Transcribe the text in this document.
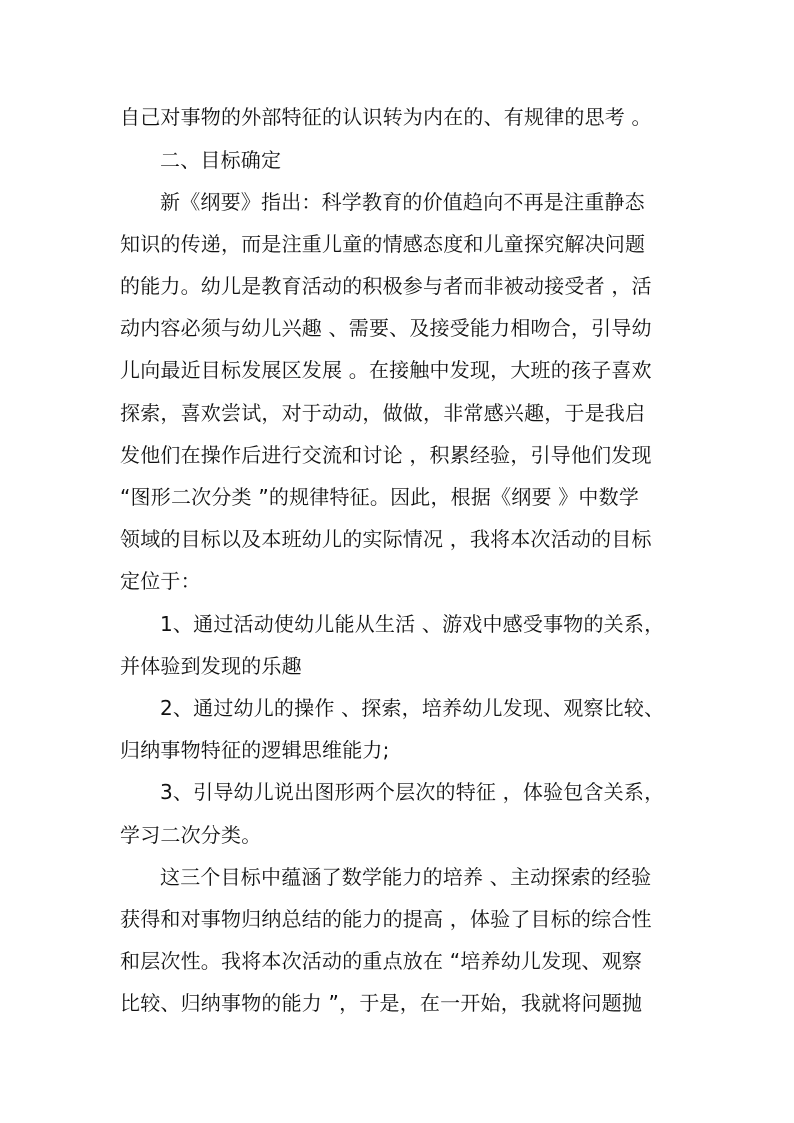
自己对事物的外部特征的认识转为内在的、有规律的思考 。

二、目标确定

新《纲要》指出：科学教育的价值趋向不再是注重静态

知识的传递，而是注重儿童的情感态度和儿童探究解决问题

的能力。幼儿是教育活动的积极参与者而非被动接受者 ，活

动内容必须与幼儿兴趣 、需要、及接受能力相吻合，引导幼

儿向最近目标发展区发展 。在接触中发现，大班的孩子喜欢

探索，喜欢尝试，对于动动，做做，非常感兴趣，于是我启

发他们在操作后进行交流和讨论 ，积累经验，引导他们发现

“图形二次分类 ”的规律特征。因此，根据《纲要 》中数学

领域的目标以及本班幼儿的实际情况 ，我将本次活动的目标

定位于：

1、通过活动使幼儿能从生活 、游戏中感受事物的关系，

并体验到发现的乐趣

2、通过幼儿的操作 、探索，培养幼儿发现、观察比较、

归纳事物特征的逻辑思维能力;

3、引导幼儿说出图形两个层次的特征 ，体验包含关系，

学习二次分类。

这三个目标中蕴涵了数学能力的培养 、主动探索的经验

获得和对事物归纳总结的能力的提高 ，体验了目标的综合性

和层次性。我将本次活动的重点放在 “培养幼儿发现、观察

比较、归纳事物的能力 ”，于是，在一开始，我就将问题抛
